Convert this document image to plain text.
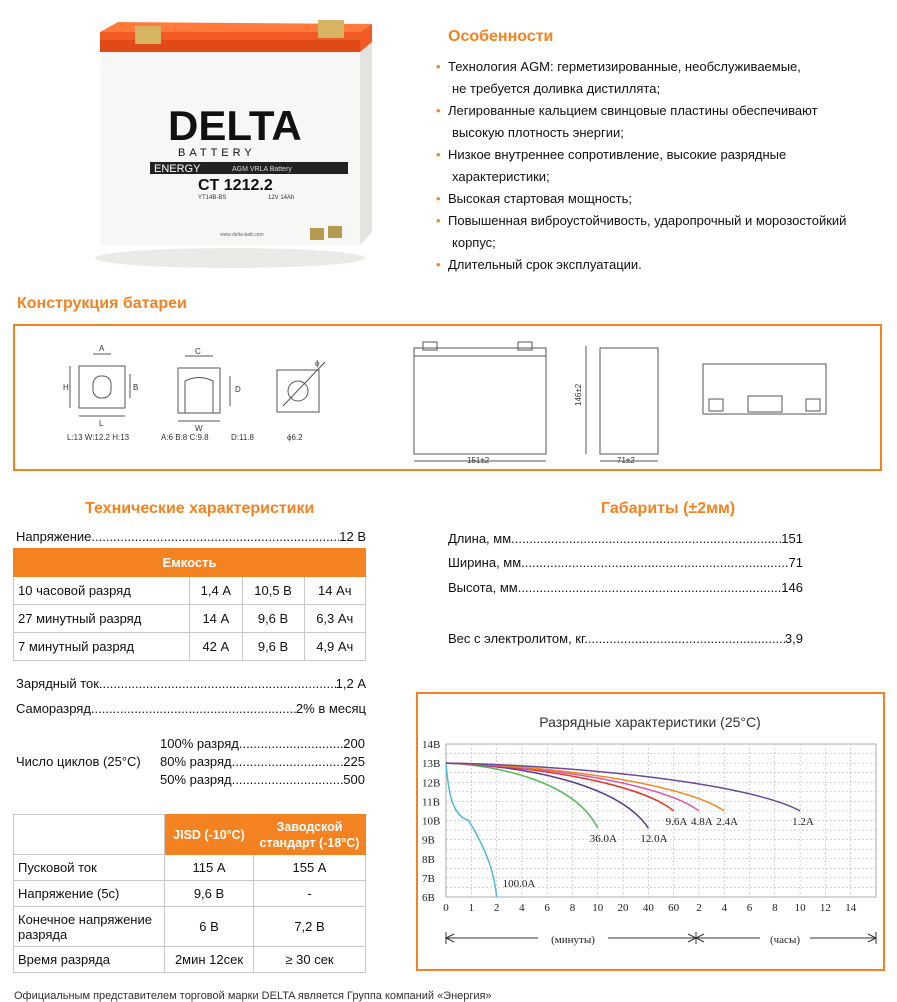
DELTA
BATTERY
ENERGY	AGM VRLA Battery
CT 1212.2
YT14B-BS	12V 14Ah
www.delta-batt.com
Особенности
• Технология AGM: герметизированные, необслуживаемые,
не требуется доливка дистиллята;
• Легированные кальцием свинцовые пластины обеспечивают
высокую плотность энергии;
• Низкое внутреннее сопротивление, высокие разрядные
характеристики;
• Высокая стартовая мощность;
• Повышенная виброустойчивость, ударопрочный и морозостойкий
корпус;
• Длительный срок эксплуатации.
Конструкция батареи
A
H	B
L
C
W
D
ϕ
L:13 W:12.2 H:13	A:6 B:8 C:9.8	D:11.8	ϕ6.2
151±2	71±2
146±2
Технические характеристики
Напряжение .....	12 В
Емкость			
10 часовой разряд	1,4 А	10,5 В	14 Ач
27 минутный разряд	14 А	9,6 В	6,3 Ач
7 минутный разряд	42 А	9,6 В	4,9 Ач
Зарядный ток .....	1,2 А
Саморазряд .....	2% в месяц
Число циклов (25°С)
100% разряд .....	200
80% разряд .....	225
50% разряд .....	500
	JISD (-10°C)	Заводской стандарт (-18°C)
Пусковой ток	115 А	155 А
Напряжение (5с)	9,6 В	-
Конечное напряжение разряда	6 В	7,2 В
Время разряда	2мин 12сек	≥ 30 сек
Габариты (±2мм)
Длина, мм. .....	151
Ширина, мм. .....	71
Высота, мм. .....	146
Вес с электролитом, кг. .....	3,9
Разрядные характеристики (25°C)
14В
13В
12В
11В
10В
9В
8В
7В
6В
0 1 2 4 6 8 10 20 40 60 2 4 6 8 10 12 14
100.0A
36.0A 12.0A
9.6A 4.8A 2.4A	1.2A
(минуты)	(часы)
Официальным представителем торговой марки DELTA является Группа компаний «Энергия»
